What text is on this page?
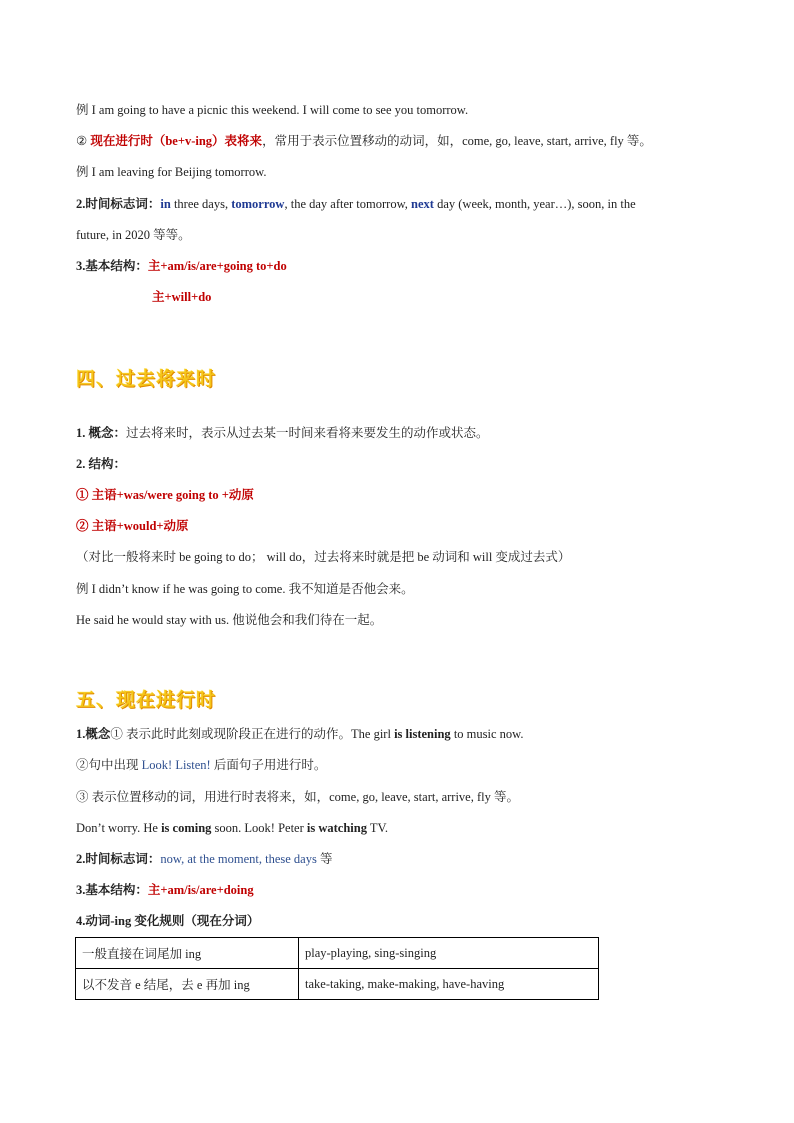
例 I am going to have a picnic this weekend. I will come to see you tomorrow.
② 现在进行时（be+v-ing）表将来，常用于表示位置移动的动词，如，come, go, leave, start, arrive, fly 等。
例 I am leaving for Beijing tomorrow.
2.时间标志词：in three days, tomorrow, the day after tomorrow, next day (week, month, year…), soon, in the
future, in 2020 等等。
3.基本结构：主+am/is/are+going to+do
主+will+do
四、过去将来时
1. 概念：过去将来时，表示从过去某一时间来看将来要发生的动作或状态。
2. 结构：
① 主语+was/were going to +动原
② 主语+would+动原
（对比一般将来时 be going to do； will do，过去将来时就是把 be 动词和 will 变成过去式）
例 I didn’t know if he was going to come. 我不知道是否他会来。
He said he would stay with us. 他说他会和我们待在一起。
五、现在进行时
1.概念① 表示此时此刻或现阶段正在进行的动作。The girl is listening to music now.
②句中出现 Look! Listen! 后面句子用进行时。
③ 表示位置移动的词，用进行时表将来，如，come, go, leave, start, arrive, fly 等。
Don’t worry. He is coming soon. Look! Peter is watching TV.
2.时间标志词：now, at the moment, these days 等
3.基本结构：主+am/is/are+doing
4.动词-ing 变化规则（现在分词）
一般直接在词尾加 ing	play-playing, sing-singing
以不发音 e 结尾，去 e 再加 ing	take-taking, make-making, have-having
